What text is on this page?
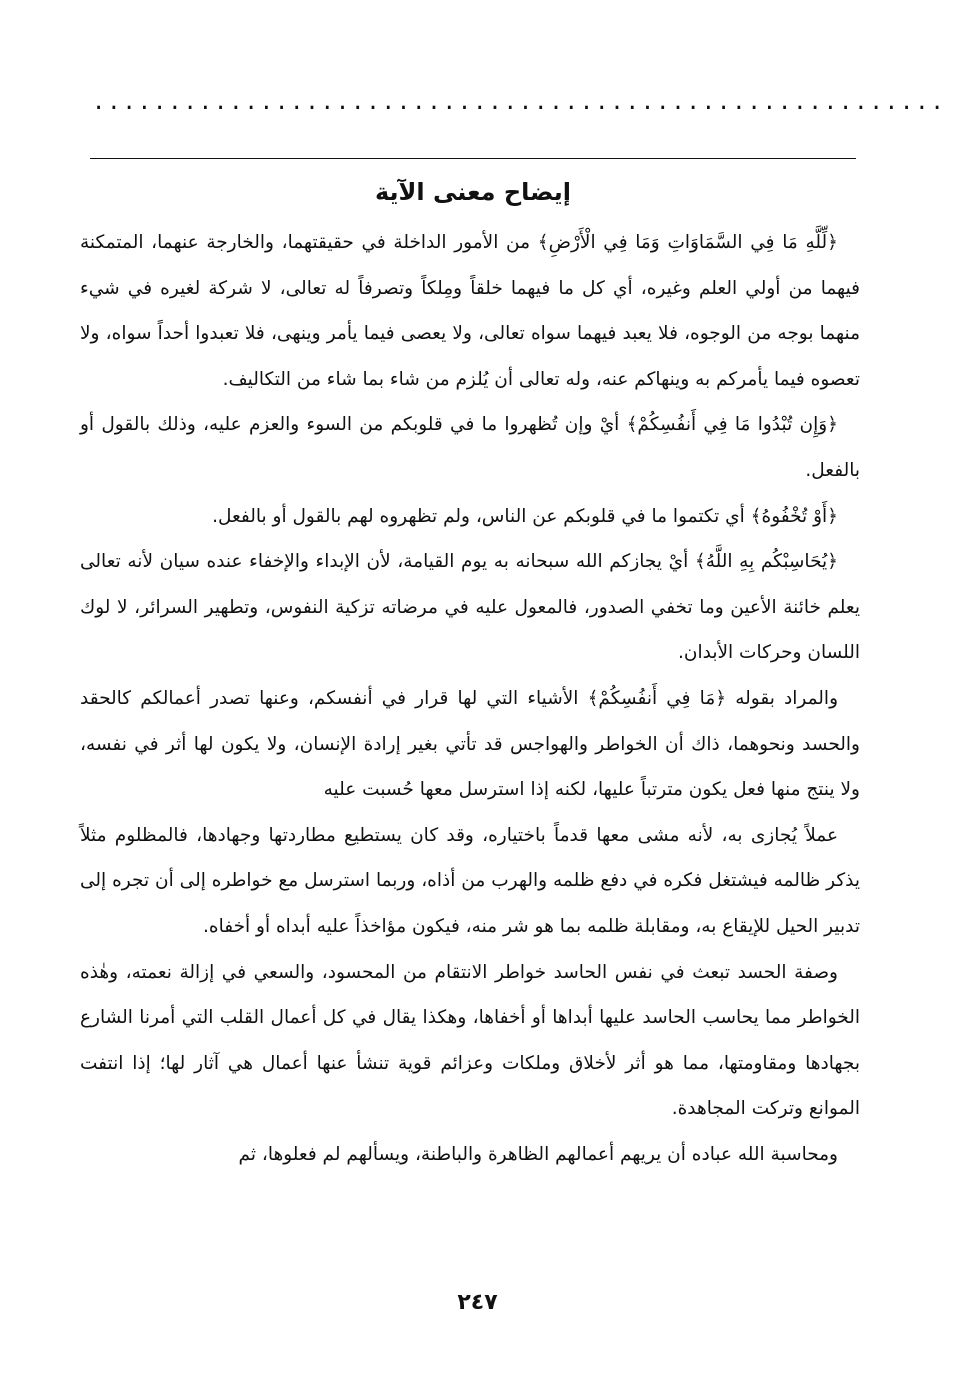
........................................................
إيضاح معنى الآية

﴿لِّلَّهِ مَا فِي السَّمَاوَاتِ وَمَا فِي الْأَرْضِ﴾ من الأمور الداخلة في حقيقتهما، والخارجة عنهما، المتمكنة فيهما من أولي العلم وغيره، أي كل ما فيهما خلقاً ومِلكاً وتصرفاً له تعالى، لا شركة لغيره في شيء منهما بوجه من الوجوه، فلا يعبد فيهما سواه تعالى، ولا يعصى فيما يأمر وينهى، فلا تعبدوا أحداً سواه، ولا تعصوه فيما يأمركم به وينهاكم عنه، وله تعالى أن يُلزم من شاء بما شاء من التكاليف.

﴿وَإِن تُبْدُوا مَا فِي أَنفُسِكُمْ﴾ أيْ وإن تُظهروا ما في قلوبكم من السوء والعزم عليه، وذلك بالقول أو بالفعل.

﴿أَوْ تُخْفُوهُ﴾ أي تكتموا ما في قلوبكم عن الناس، ولم تظهروه لهم بالقول أو بالفعل.

﴿يُحَاسِبْكُم بِهِ اللَّهُ﴾ أيْ يجازكم الله سبحانه به يوم القيامة، لأن الإبداء والإخفاء عنده سيان لأنه تعالى يعلم خائنة الأعين وما تخفي الصدور، فالمعول عليه في مرضاته تزكية النفوس، وتطهير السرائر، لا لوك اللسان وحركات الأبدان.

والمراد بقوله ﴿مَا فِي أَنفُسِكُمْ﴾ الأشياء التي لها قرار في أنفسكم، وعنها تصدر أعمالكم كالحقد والحسد ونحوهما، ذاك أن الخواطر والهواجس قد تأتي بغير إرادة الإنسان، ولا يكون لها أثر في نفسه، ولا ينتج منها فعل يكون مترتباً عليها، لكنه إذا استرسل معها حُسبت عليه

عملاً يُجازى به، لأنه مشى معها قدماً باختياره، وقد كان يستطيع مطاردتها وجهادها، فالمظلوم مثلاً يذكر ظالمه فيشتغل فكره في دفع ظلمه والهرب من أذاه، وربما استرسل مع خواطره إلى أن تجره إلى تدبير الحيل للإيقاع به، ومقابلة ظلمه بما هو شر منه، فيكون مؤاخذاً عليه أبداه أو أخفاه.

وصفة الحسد تبعث في نفس الحاسد خواطر الانتقام من المحسود، والسعي في إزالة نعمته، وهٰذه الخواطر مما يحاسب الحاسد عليها أبداها أو أخفاها، وهكذا يقال في كل أعمال القلب التي أمرنا الشارع بجهادها ومقاومتها، مما هو أثر لأخلاق وملكات وعزائم قوية تنشأ عنها أعمال هي آثار لها؛ إذا انتفت الموانع وتركت المجاهدة.

ومحاسبة الله عباده أن يريهم أعمالهم الظاهرة والباطنة، ويسألهم لم فعلوها، ثم

٢٤٧
